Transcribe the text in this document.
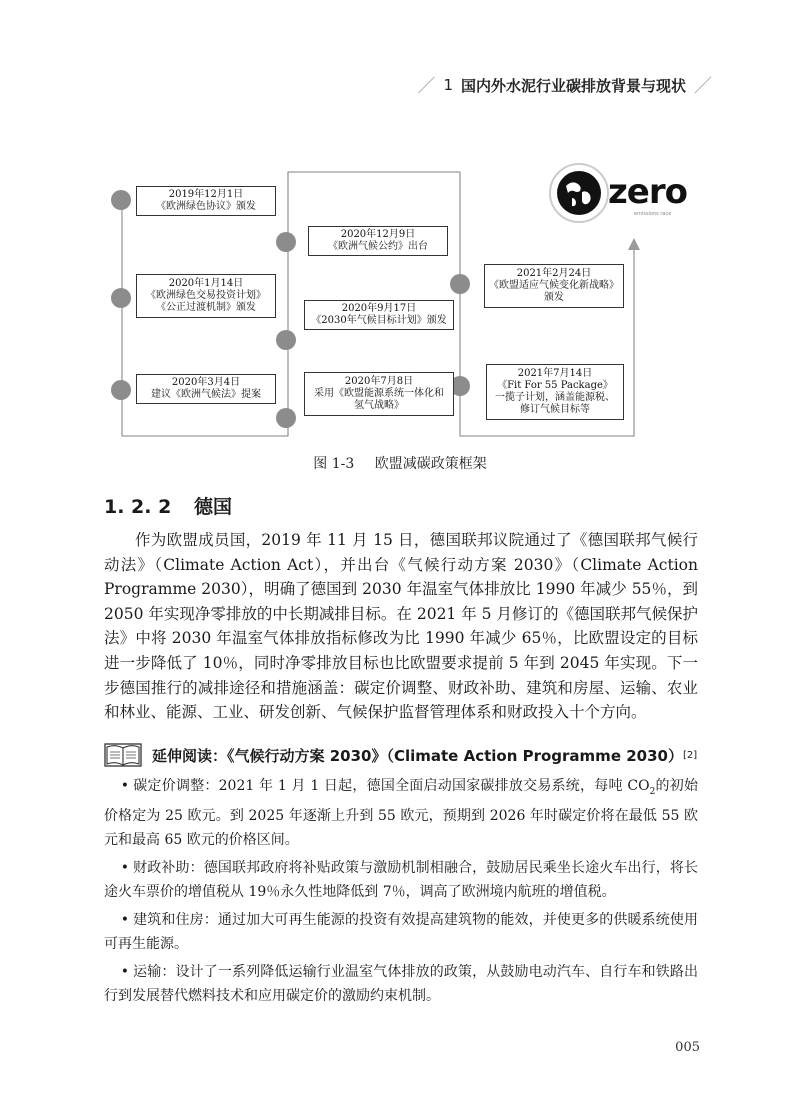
／ 1 国内外水泥行业碳排放背景与现状 ／
2019年12月1日
《欧洲绿色协议》颁发
2020年1月14日
《欧洲绿色交易投资计划》
《公正过渡机制》颁发
2020年3月4日
建议《欧洲气候法》提案
2020年12月9日
《欧洲气候公约》出台
2020年9月17日
《2030年气候目标计划》颁发
2020年7月8日
采用《欧盟能源系统一体化和
氢气战略》
2021年2月24日
《欧盟适应气候变化新战略》
颁发
2021年7月14日
《Fit For 55 Package》
一揽子计划，涵盖能源税、
修订气候目标等
zero
emissions race
图 1-3 欧盟减碳政策框架
1. 2. 2 德国

作为欧盟成员国，2019 年 11 月 15 日，德国联邦议院通过了《德国联邦气候行动法》（Climate Action Act），并出台《气候行动方案 2030》（Climate Action Programme 2030），明确了德国到 2030 年温室气体排放比 1990 年减少 55％，到 2050 年实现净零排放的中长期减排目标。在 2021 年 5 月修订的《德国联邦气候保护法》中将 2030 年温室气体排放指标修改为比 1990 年减少 65％，比欧盟设定的目标进一步降低了 10％，同时净零排放目标也比欧盟要求提前 5 年到 2045 年实现。下一步德国推行的减排途径和措施涵盖：碳定价调整、财政补助、建筑和房屋、运输、农业和林业、能源、工业、研发创新、气候保护监督管理体系和财政投入十个方向。

延伸阅读：《气候行动方案 2030》（Climate Action Programme 2030） [2]

• 碳定价调整：2021 年 1 月 1 日起，德国全面启动国家碳排放交易系统，每吨 $CO_2$的初始价格定为 25 欧元。到 2025 年逐渐上升到 55 欧元，预期到 2026 年时碳定价将在最低 55 欧元和最高 65 欧元的价格区间。

• 财政补助：德国联邦政府将补贴政策与激励机制相融合，鼓励居民乘坐长途火车出行，将长途火车票价的增值税从 19％永久性地降低到 7％，调高了欧洲境内航班的增值税。

• 建筑和住房：通过加大可再生能源的投资有效提高建筑物的能效，并使更多的供暖系统使用可再生能源。

• 运输：设计了一系列降低运输行业温室气体排放的政策，从鼓励电动汽车、自行车和铁路出行到发展替代燃料技术和应用碳定价的激励约束机制。

005
